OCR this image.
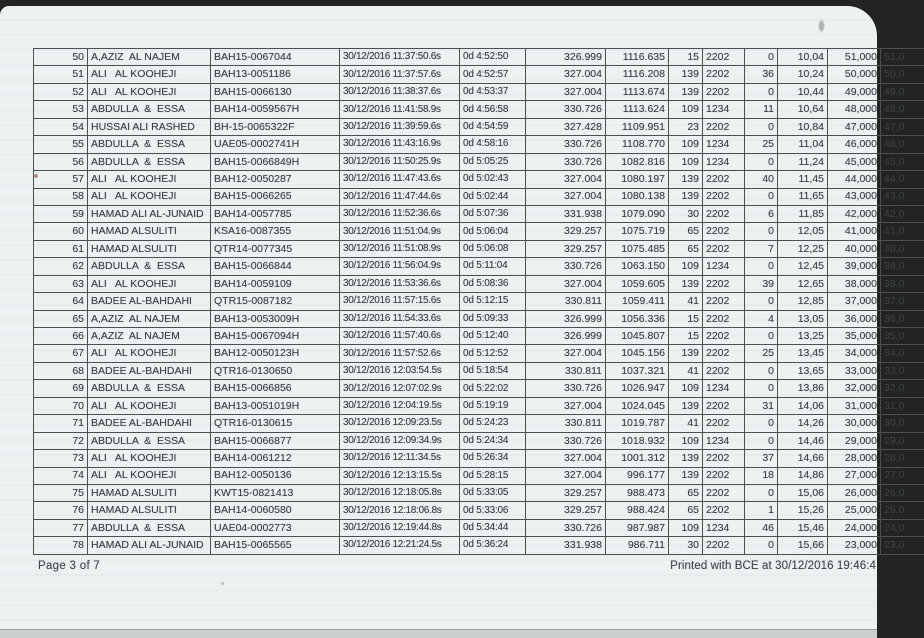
50	A,AZIZ  AL NAJEM	BAH15-0067044	30/12/2016 11:37:50.6s	0d 4:52:50	326.999	1116.635	15	2202	0	10,04	51,000	51,0
51	ALI   AL KOOHEJI	BAH13-0051186	30/12/2016 11:37:57.6s	0d 4:52:57	327.004	1116.208	139	2202	36	10,24	50,000	50,0
52	ALI   AL KOOHEJI	BAH15-0066130	30/12/2016 11:38:37.6s	0d 4:53:37	327.004	1113.674	139	2202	0	10,44	49,000	49,0
53	ABDULLA  &  ESSA	BAH14-0059567H	30/12/2016 11:41:58.9s	0d 4:56:58	330.726	1113.624	109	1234	11	10,64	48,000	48,0
54	HUSSAI ALI RASHED	BH-15-0065322F	30/12/2016 11:39:59.6s	0d 4:54:59	327.428	1109.951	23	2202	0	10,84	47,000	47,0
55	ABDULLA  &  ESSA	UAE05-0002741H	30/12/2016 11:43:16.9s	0d 4:58:16	330.726	1108.770	109	1234	25	11,04	46,000	46,0
56	ABDULLA  &  ESSA	BAH15-0066849H	30/12/2016 11:50:25.9s	0d 5:05:25	330.726	1082.816	109	1234	0	11,24	45,000	45,0
57	ALI   AL KOOHEJI	BAH12-0050287	30/12/2016 11:47:43.6s	0d 5:02:43	327.004	1080.197	139	2202	40	11,45	44,000	44,0
58	ALI   AL KOOHEJI	BAH15-0066265	30/12/2016 11:47:44.6s	0d 5:02:44	327.004	1080.138	139	2202	0	11,65	43,000	43,0
59	HAMAD ALI AL-JUNAID	BAH14-0057785	30/12/2016 11:52:36.6s	0d 5:07:36	331.938	1079.090	30	2202	6	11,85	42,000	42,0
60	HAMAD ALSULITI	KSA16-0087355	30/12/2016 11:51:04.9s	0d 5:06:04	329.257	1075.719	65	2202	0	12,05	41,000	41,0
61	HAMAD ALSULITI	QTR14-0077345	30/12/2016 11:51:08.9s	0d 5:06:08	329.257	1075.485	65	2202	7	12,25	40,000	40,0
62	ABDULLA  &  ESSA	BAH15-0066844	30/12/2016 11:56:04.9s	0d 5:11:04	330.726	1063.150	109	1234	0	12,45	39,000	39,0
63	ALI   AL KOOHEJI	BAH14-0059109	30/12/2016 11:53:36.6s	0d 5:08:36	327.004	1059.605	139	2202	39	12,65	38,000	38,0
64	BADEE AL-BAHDAHI	QTR15-0087182	30/12/2016 11:57:15.6s	0d 5:12:15	330.811	1059.411	41	2202	0	12,85	37,000	37,0
65	A,AZIZ  AL NAJEM	BAH13-0053009H	30/12/2016 11:54:33.6s	0d 5:09:33	326.999	1056.336	15	2202	4	13,05	36,000	36,0
66	A,AZIZ  AL NAJEM	BAH15-0067094H	30/12/2016 11:57:40.6s	0d 5:12:40	326.999	1045.807	15	2202	0	13,25	35,000	35,0
67	ALI   AL KOOHEJI	BAH12-0050123H	30/12/2016 11:57:52.6s	0d 5:12:52	327.004	1045.156	139	2202	25	13,45	34,000	34,0
68	BADEE AL-BAHDAHI	QTR16-0130650	30/12/2016 12:03:54.5s	0d 5:18:54	330.811	1037.321	41	2202	0	13,65	33,000	33,0
69	ABDULLA  &  ESSA	BAH15-0066856	30/12/2016 12:07:02.9s	0d 5:22:02	330.726	1026.947	109	1234	0	13,86	32,000	32,0
70	ALI   AL KOOHEJI	BAH13-0051019H	30/12/2016 12:04:19.5s	0d 5:19:19	327.004	1024.045	139	2202	31	14,06	31,000	31,0
71	BADEE AL-BAHDAHI	QTR16-0130615	30/12/2016 12:09:23.5s	0d 5:24:23	330.811	1019.787	41	2202	0	14,26	30,000	30,0
72	ABDULLA  &  ESSA	BAH15-0066877	30/12/2016 12:09:34.9s	0d 5:24:34	330.726	1018.932	109	1234	0	14,46	29,000	29,0
73	ALI   AL KOOHEJI	BAH14-0061212	30/12/2016 12:11:34.5s	0d 5:26:34	327.004	1001.312	139	2202	37	14,66	28,000	28,0
74	ALI   AL KOOHEJI	BAH12-0050136	30/12/2016 12:13:15.5s	0d 5:28:15	327.004	996.177	139	2202	18	14,86	27,000	27,0
75	HAMAD ALSULITI	KWT15-0821413	30/12/2016 12:18:05.8s	0d 5:33:05	329.257	988.473	65	2202	0	15,06	26,000	26,0
76	HAMAD ALSULITI	BAH14-0060580	30/12/2016 12:18:06.8s	0d 5:33:06	329.257	988.424	65	2202	1	15,26	25,000	25,0
77	ABDULLA  &  ESSA	UAE04-0002773	30/12/2016 12:19:44.8s	0d 5:34:44	330.726	987.987	109	1234	46	15,46	24,000	24,0
78	HAMAD ALI AL-JUNAID	BAH15-0065565	30/12/2016 12:21:24.5s	0d 5:36:24	331.938	986.711	30	2202	0	15,66	23,000	23,0
Page 3 of 7	Printed with BCE at 30/12/2016 19:46:4
